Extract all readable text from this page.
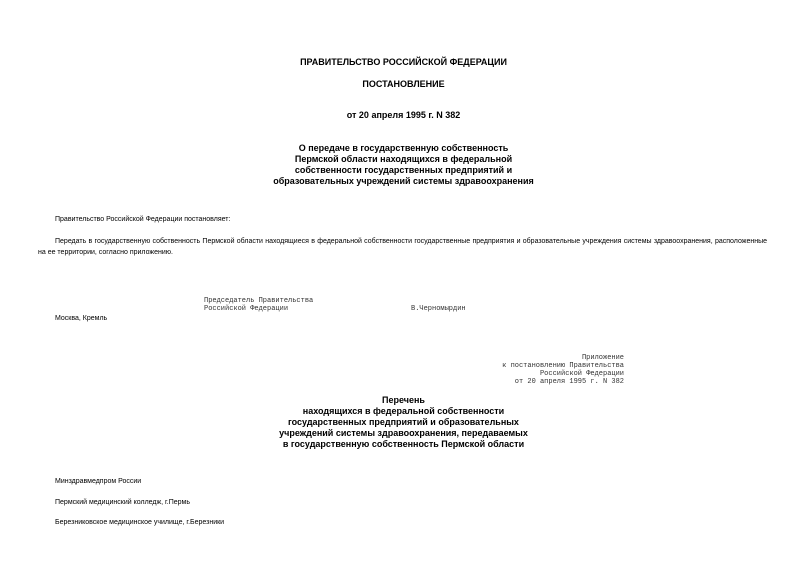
ПРАВИТЕЛЬСТВО РОССИЙСКОЙ ФЕДЕРАЦИИ
ПОСТАНОВЛЕНИЕ
от 20 апреля 1995 г. N 382
О передаче в государственную собственность
Пермской области находящихся в федеральной
собственности государственных предприятий и
образовательных учреждений системы здравоохранения
Правительство Российской Федерации постановляет:
Передать в государственную собственность Пермской области находящиеся в федеральной собственности государственные предприятия и образовательные учреждения системы здравоохранения, расположенные на ее территории, согласно приложению.
Председатель Правительства
Российской Федерации	В.Черномырдин
Москва, Кремль
Приложение
к постановлению Правительства
Российской Федерации
от 20 апреля 1995 г. N 382
Перечень
находящихся в федеральной собственности
государственных предприятий и образовательных
учреждений системы здравоохранения, передаваемых
в государственную собственность Пермской области
Минздравмедпром России
Пермский медицинский колледж, г.Пермь
Березниковское медицинское училище, г.Березники
